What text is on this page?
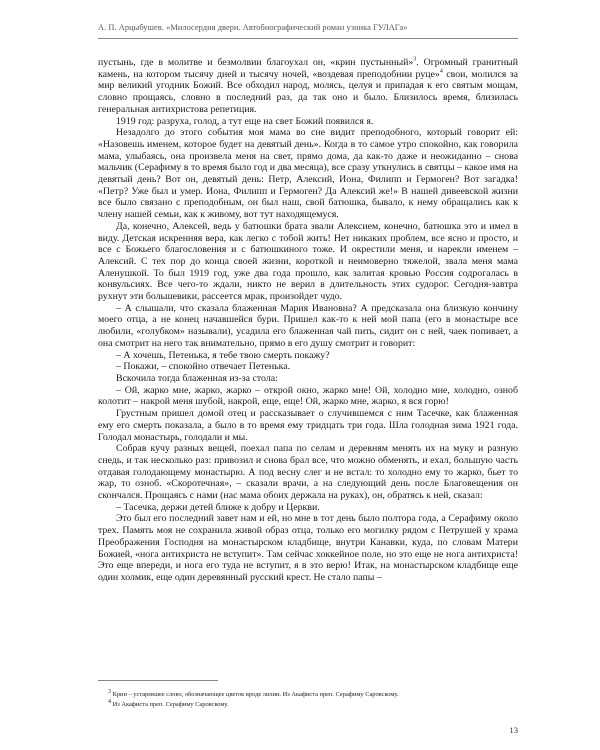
А. П. Арцыбушев. «Милосердия двери. Автобиографический роман узника ГУЛАГа»

пустынь, где в молитве и безмолвии благоухал он, «крин пустынный»$^3$. Огромный гранитный камень, на котором тысячу дней и тысячу ночей, «воздевая преподобнии руце»$^4$ свои, молился за мир великий угодник Божий. Все обходил народ, молясь, целуя и припадая к его святым мощам, словно прощаясь, словно в последний раз, да так оно и было. Близилось время, близилась генеральная антихристова репетиция.

1919 год: разруха, голод, а тут еще на свет Божий появился я.

Незадолго до этого события моя мама во сне видит преподобного, который говорит ей: «Назовешь именем, которое будет на девятый день». Когда в то самое утро спокойно, как говорила мама, улыбаясь, она произвела меня на свет, прямо дома, да как-то даже и неожиданно – снова мальчик (Серафиму в то время было год и два месяца), все сразу уткнулись в святцы – какое имя на девятый день? Вот он, девятый день: Петр, Алексий, Иона, Филипп и Гермоген? Вот загадка! «Петр? Уже был и умер. Иона, Филипп и Гермоген? Да Алексий же!» В нашей дивеевской жизни все было связано с преподобным, он был наш, свой батюшка, бывало, к нему обращались как к члену нашей семьи, как к живому, вот тут находящемуся.

Да, конечно, Алексей, ведь у батюшки брата звали Алексием, конечно, батюшка это и имел в виду. Детская искренняя вера, как легко с тобой жить! Нет никаких проблем, все ясно и просто, и все с Божьего благословения и с батюшкиного тоже. И окрестили меня, и нарекли именем – Алексий. С тех пор до конца своей жизни, короткой и неимоверно тяжелой, звала меня мама Аленушкой. То был 1919 год, уже два года прошло, как залитая кровью Россия содрогалась в конвульсиях. Все чего-то ждали, никто не верил в длительность этих судорог. Сегодня-завтра рухнут эти большевики, рассеется мрак, произойдет чудо.

– А слышали, что сказала блаженная Мария Ивановна? А предсказала она близкую кончину моего отца, а не конец начавшейся бури. Пришел как-то к ней мой папа (его в монастыре все любили, «голубком» называли), усадила его блаженная чай пить, сидит он с ней, чаек попивает, а она смотрит на него так внимательно, прямо в его душу смотрит и говорит:

– А хочешь, Петенька, я тебе твою смерть покажу?

– Покажи, – спокойно отвечает Петенька.

Вскочила тогда блаженная из-за стола:

– Ой, жарко мне, жарко, жарко – открой окно, жарко мне! Ой, холодно мне, холодно, озноб колотит – накрой меня шубой, накрой, еще, еще! Ой, жарко мне, жарко, я вся горю!

Грустным пришел домой отец и рассказывает о случившемся с ним Тасечке, как блаженная ему его смерть показала, а было в то время ему тридцать три года. Шла голодная зима 1921 года. Голодал монастырь, голодали и мы.

Собрав кучу разных вещей, поехал папа по селам и деревням менять их на муку и разную снедь, и так несколько раз: привозил и снова брал все, что можно обменять, и ехал, большую часть отдавая голодающему монастырю. А под весну слег и не встал: то холодно ему то жарко, бьет то жар, то озноб. «Скоротечная», – сказали врачи, а на следующий день после Благовещения он скончался. Прощаясь с нами (нас мама обоих держала на руках), он, обратясь к ней, сказал:

– Тасечка, держи детей ближе к добру и Церкви.

Это был его последний завет нам и ей, но мне в тот день было полтора года, а Серафиму около трех. Память моя не сохранила живой образ отца, только его могилку рядом с Петрушей у храма Преображения Господня на монастырском кладбище, внутри Канавки, куда, по словам Матери Божией, «нога антихриста не вступит». Там сейчас хоккейное поле, но это еще не нога антихриста! Это еще впереди, и нога его туда не вступит, я в это верю! Итак, на монастырском кладбище еще один холмик, еще один деревянный русский крест. Не стало папы –

$^3$ Крин – устаревшее слово, обозначающее цветок вроде лилии. Из Акафиста преп. Серафиму Саровскому.
$^4$ Из Акафиста преп. Серафиму Саровскому.
13
